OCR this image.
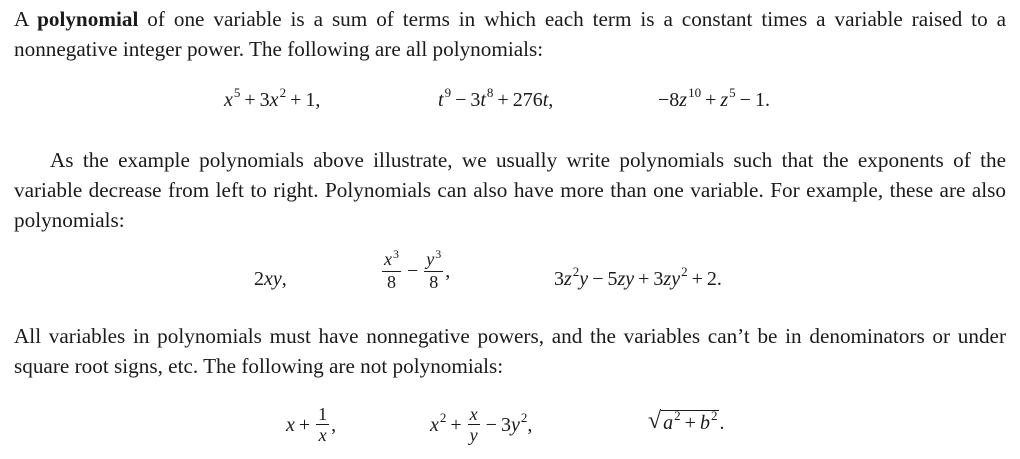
A polynomial of one variable is a sum of terms in which each term is a constant times a variable raised to a nonnegative integer power. The following are all polynomials:

$x^5 + 3x^2 + 1$,	$t^9 - 3t^8 + 276t$,	$-8z^{10} + z^5 - 1$.

As the example polynomials above illustrate, we usually write polynomials such that the exponents of the variable decrease from left to right. Polynomials can also have more than one variable. For example, these are also polynomials:

2xy,	$\frac{x^3}{8} - \frac{y^3}{8}$ ,	$3z^2y - 5zy + 3zy^2 + 2$.

All variables in polynomials must have nonnegative powers, and the variables can’t be in denominators or under square root signs, etc. The following are not polynomials:

$x + \frac{1}{x}$ ,	$x^2 + \frac{x}{y} - 3y^2$,	√ $a^2 + b^2$ .
